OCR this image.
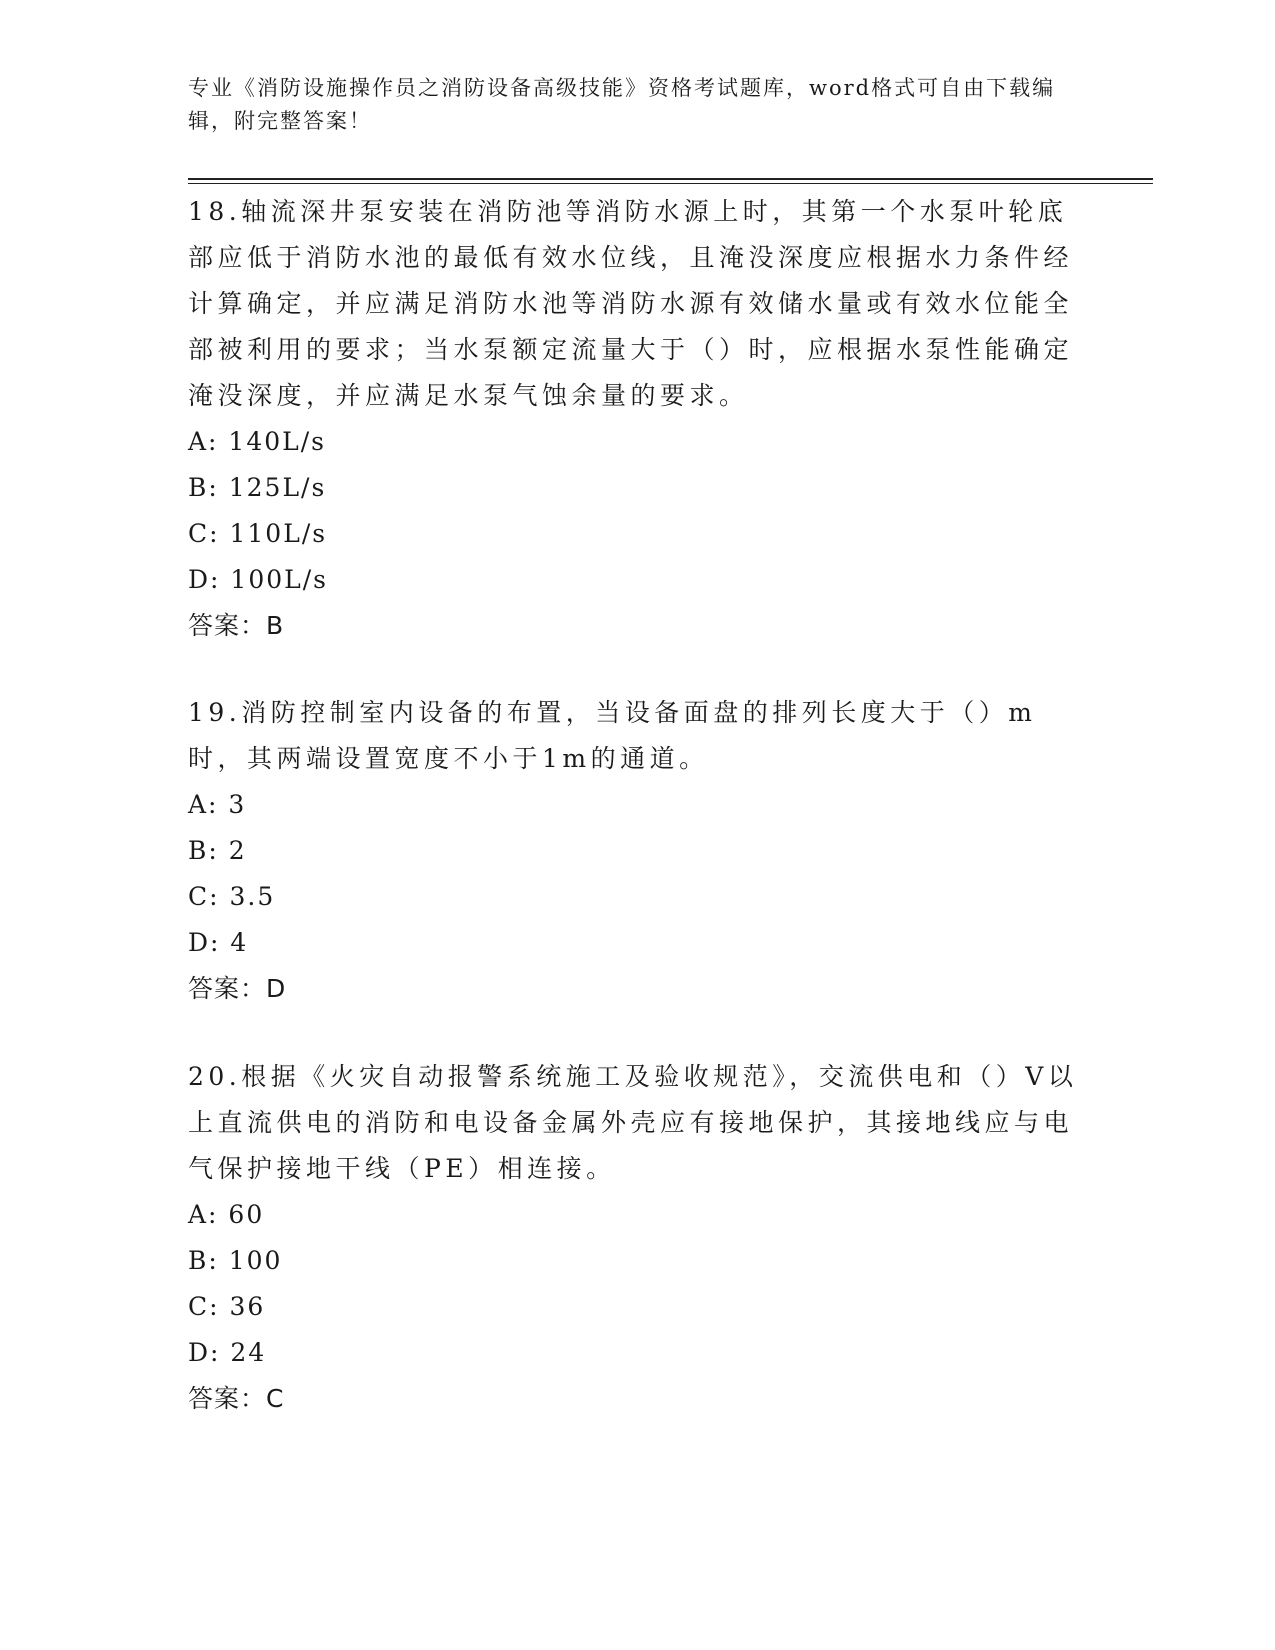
专业《消防设施操作员之消防设备高级技能》资格考试题库，word格式可自由下载编辑，附完整答案！
18.轴流深井泵安装在消防池等消防水源上时，其第一个水泵叶轮底部应低于消防水池的最低有效水位线，且淹没深度应根据水力条件经计算确定，并应满足消防水池等消防水源有效储水量或有效水位能全部被利用的要求；当水泵额定流量大于（）时，应根据水泵性能确定淹没深度，并应满足水泵气蚀余量的要求。
A: 140L/s
B: 125L/s
C: 110L/s
D: 100L/s
答案：B
19.消防控制室内设备的布置，当设备面盘的排列长度大于（）m时，其两端设置宽度不小于1m的通道。
A: 3
B: 2
C: 3.5
D: 4
答案：D
20.根据《火灾自动报警系统施工及验收规范》，交流供电和（）V以上直流供电的消防和电设备金属外壳应有接地保护，其接地线应与电气保护接地干线（PE）相连接。
A: 60
B: 100
C: 36
D: 24
答案：C
